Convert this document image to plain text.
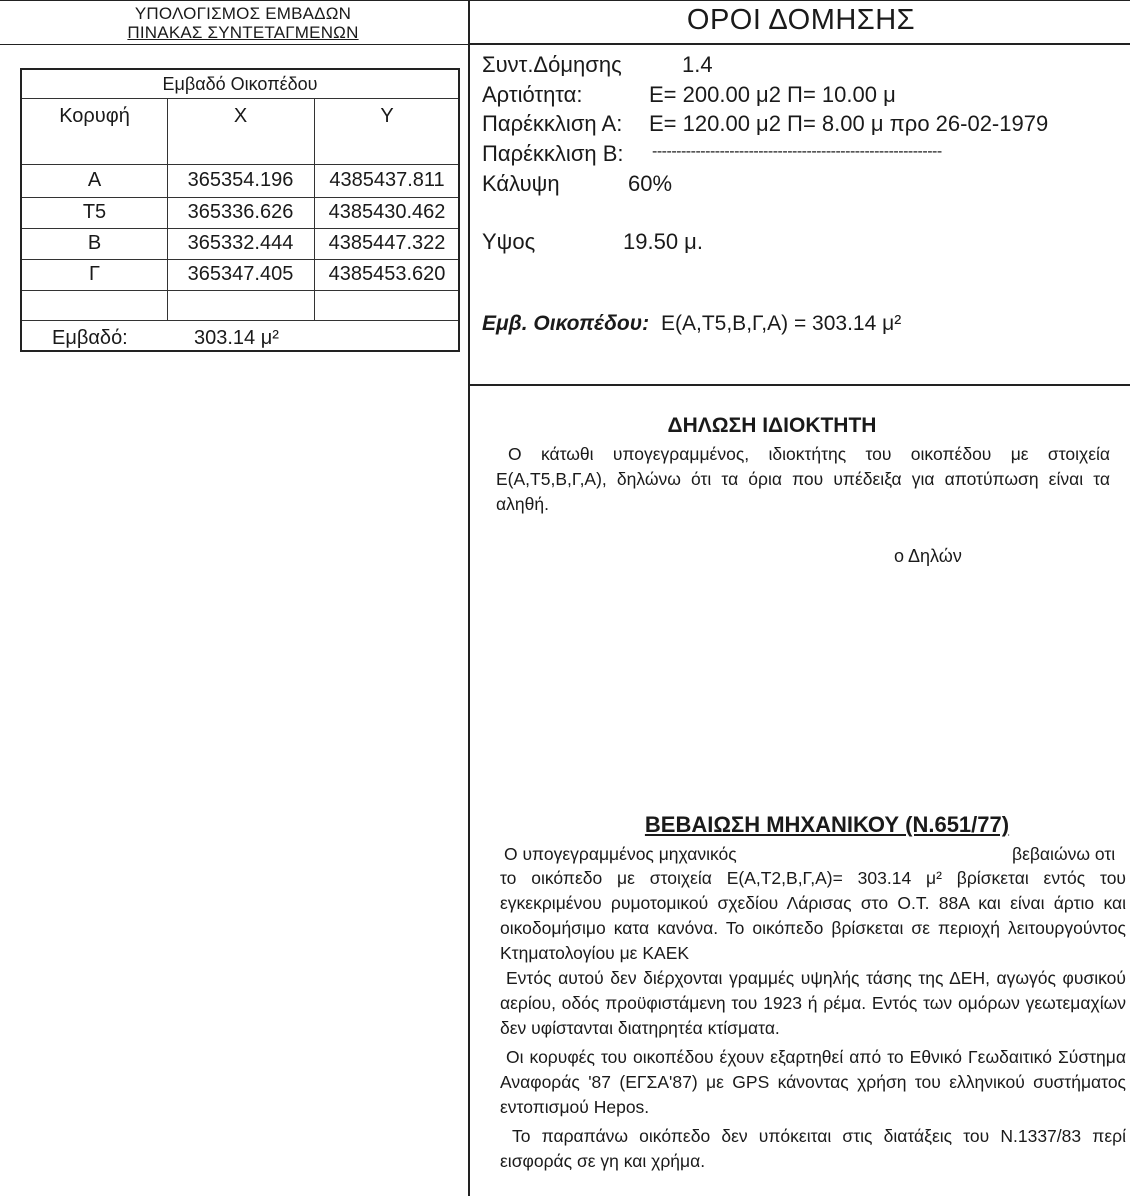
ΥΠΟΛΟΓΙΣΜΟΣ ΕΜΒΑΔΩΝ
ΠΙΝΑΚΑΣ ΣΥΝΤΕΤΑΓΜΕΝΩΝ
Εμβαδό Οικοπέδου
Κορυφή	X	Y
A	365354.196	4385437.811
T5	365336.626	4385430.462
B	365332.444	4385447.322
Γ	365347.405	4385453.620
Εμβαδό:	303.14 μ²
ΟΡΟΙ ΔΟΜΗΣΗΣ
Συντ.Δόμησης	1.4
Αρτιότητα:	E= 200.00 μ2 Π= 10.00 μ
Παρέκκλιση Α: E= 120.00 μ2 Π= 8.00 μ προ 26-02-1979
Παρέκκλιση Β: ------------------------------------------------------------
Κάλυψη	60%
Υψος	19.50 μ.
Εμβ. Οικοπέδου: E(A,T5,B,Γ,A) = 303.14 μ²
ΔΗΛΩΣΗ ΙΔΙΟΚΤΗΤΗ
Ο κάτωθι υπογεγραμμένος, ιδιοκτήτης του οικοπέδου με στοιχεία E(A,T5,B,Γ,A), δηλώνω ότι τα όρια που υπέδειξα για αποτύπωση είναι τα αληθή.
ο Δηλών
ΒΕΒΑΙΩΣΗ ΜΗΧΑΝΙΚΟΥ (N.651/77)
Ο υπογεγραμμένος μηχανικός	βεβαιώνω οτι
το οικόπεδο με στοιχεία E(A,T2,B,Γ,A)= 303.14 μ² βρίσκεται εντός του εγκεκριμένου ρυμοτομικού σχεδίου Λάρισας στο Ο.Τ. 88Α και είναι άρτιο και οικοδομήσιμο κατα κανόνα. Το οικόπεδο βρίσκεται σε περιοχή λειτουργούντος Κτηματολογίου με ΚΑΕΚ
Εντός αυτού δεν διέρχονται γραμμές υψηλής τάσης της ΔΕΗ, αγωγός φυσικού αερίου, οδός προϋφιστάμενη του 1923 ή ρέμα. Εντός των ομόρων γεωτεμαχίων δεν υφίστανται διατηρητέα κτίσματα.
Οι κορυφές του οικοπέδου έχουν εξαρτηθεί από το Εθνικό Γεωδαιτικό Σύστημα Αναφοράς '87 (ΕΓΣΑ'87) με GPS κάνοντας χρήση του ελληνικού συστήματος εντοπισμού Hepos.
Το παραπάνω οικόπεδο δεν υπόκειται στις διατάξεις του N.1337/83 περί εισφοράς σε γη και χρήμα.
